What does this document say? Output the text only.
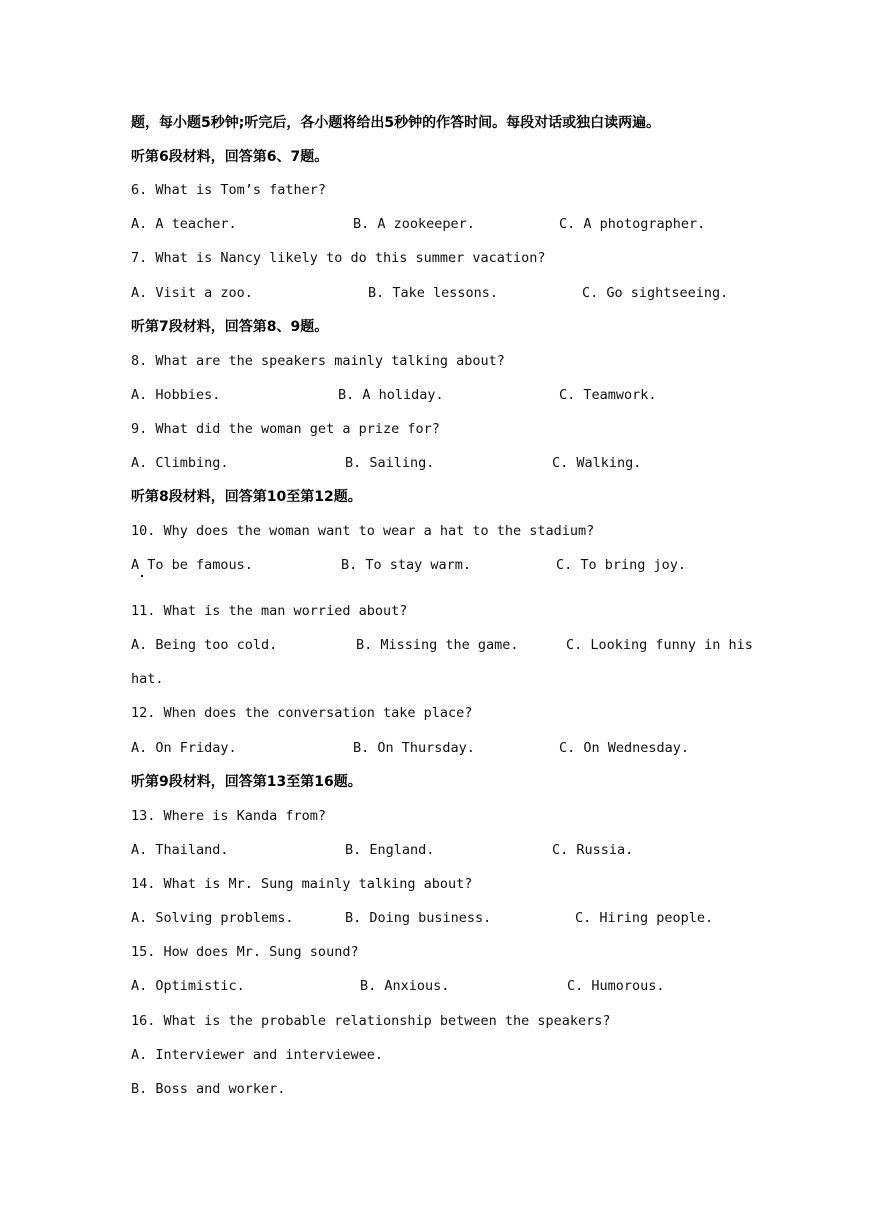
题，每小题5秒钟;听完后，各小题将给出5秒钟的作答时间。每段对话或独白读两遍。
听第6段材料，回答第6、7题。
6. What is Tom’s father?
A. A teacher.	B. A zookeeper.	C. A photographer.
7. What is Nancy likely to do this summer vacation?
A. Visit a zoo.	B. Take lessons.	C. Go sightseeing.
听第7段材料，回答第8、9题。
8. What are the speakers mainly talking about?
A. Hobbies.	B. A holiday.	C. Teamwork.
9. What did the woman get a prize for?
A. Climbing.	B. Sailing.	C. Walking.
听第8段材料，回答第10至第12题。
10. Why does the woman want to wear a hat to the stadium?
A To be famous.	B. To stay warm.	C. To bring joy.
11. What is the man worried about?
A. Being too cold.	B. Missing the game.	C. Looking funny in his
hat.
12. When does the conversation take place?
A. On Friday.	B. On Thursday.	C. On Wednesday.
听第9段材料，回答第13至第16题。
13. Where is Kanda from?
A. Thailand.	B. England.	C. Russia.
14. What is Mr. Sung mainly talking about?
A. Solving problems.	B. Doing business.	C. Hiring people.
15. How does Mr. Sung sound?
A. Optimistic.	B. Anxious.	C. Humorous.
16. What is the probable relationship between the speakers?
A. Interviewer and interviewee.
B. Boss and worker.
